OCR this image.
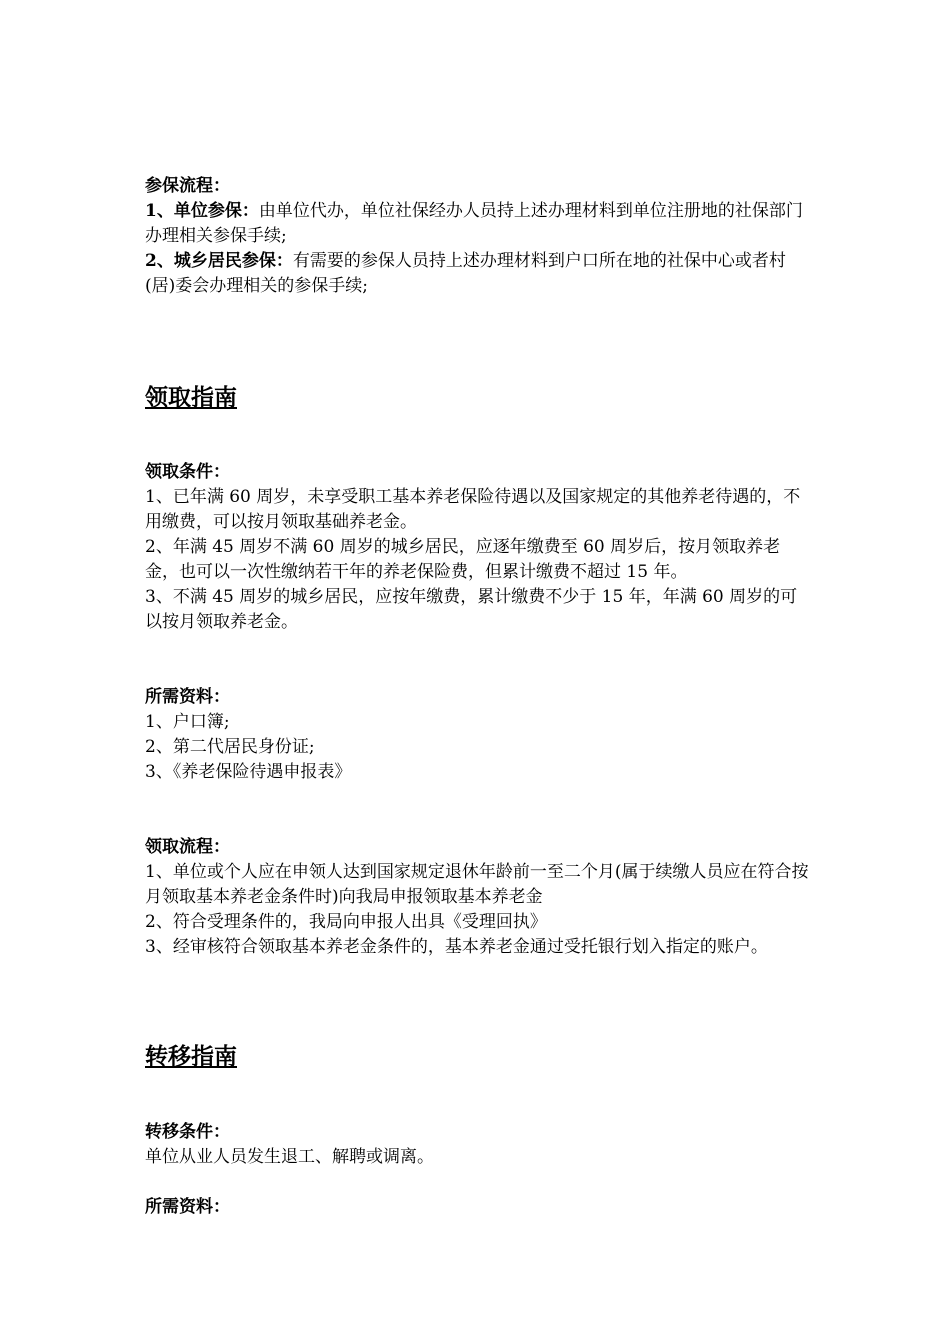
参保流程：

1、单位参保：由单位代办，单位社保经办人员持上述办理材料到单位注册地的社保部门办理相关参保手续;

2、城乡居民参保：有需要的参保人员持上述办理材料到户口所在地的社保中心或者村(居)委会办理相关的参保手续;

领取指南

领取条件：

1、已年满 60 周岁，未享受职工基本养老保险待遇以及国家规定的其他养老待遇的，不用缴费，可以按月领取基础养老金。

2、年满 45 周岁不满 60 周岁的城乡居民，应逐年缴费至 60 周岁后，按月领取养老金，也可以一次性缴纳若干年的养老保险费，但累计缴费不超过 15 年。

3、不满 45 周岁的城乡居民，应按年缴费，累计缴费不少于 15 年，年满 60 周岁的可以按月领取养老金。

所需资料：

1、户口簿;

2、第二代居民身份证;

3、《养老保险待遇申报表》

领取流程：

1、单位或个人应在申领人达到国家规定退休年龄前一至二个月(属于续缴人员应在符合按月领取基本养老金条件时)向我局申报领取基本养老金

2、符合受理条件的，我局向申报人出具《受理回执》

3、经审核符合领取基本养老金条件的，基本养老金通过受托银行划入指定的账户。

转移指南

转移条件：

单位从业人员发生退工、解聘或调离。

所需资料：
